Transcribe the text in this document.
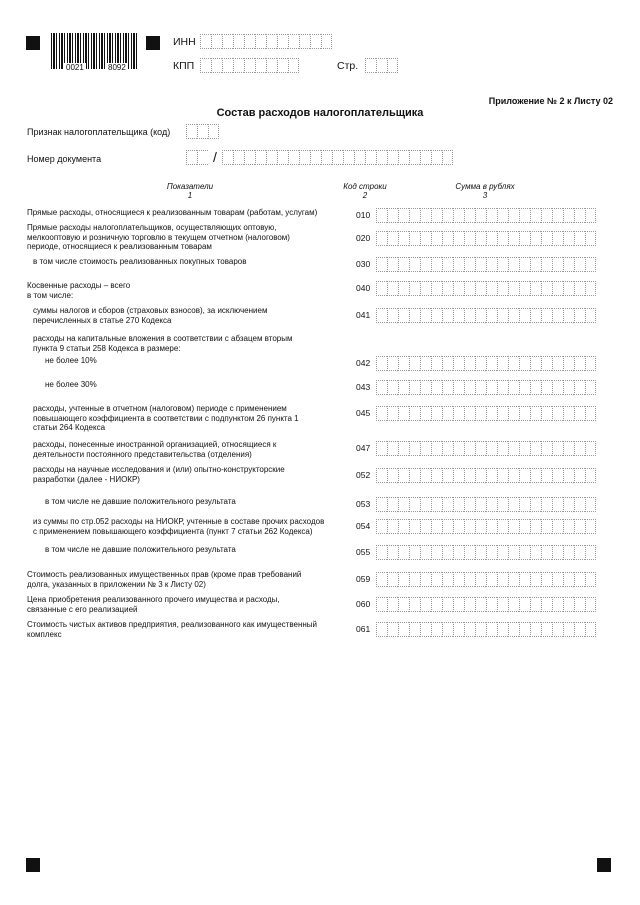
0021	8092
ИНН
КПП	Стр.
Приложение № 2 к Листу 02
Состав расходов налогоплательщика
Признак налогоплательщика (код)
Номер документа	/
Показатели
1
Код строки
2
Сумма в рублях
3
Прямые расходы, относящиеся к реализованным товарам (работам, услугам)	010
Прямые расходы налогоплательщиков, осуществляющих оптовую,
мелкооптовую и розничную торговлю в текущем отчетном (налоговом)
периоде, относящиеся к реализованным товарам
020
в том числе стоимость реализованных покупных товаров	030
Косвенные расходы – всего
в том числе:
040
суммы налогов и сборов (страховых взносов), за исключением
перечисленных в статье 270 Кодекса	041
расходы на капитальные вложения в соответствии с абзацем вторым
пункта 9 статьи 258 Кодекса в размере:
не более 10%	042
не более 30%	043
расходы, учтенные в отчетном (налоговом) периоде с применением
повышающего коэффициента в соответствии с подпунктом 26 пункта 1
статьи 264 Кодекса
045
расходы, понесенные иностранной организацией, относящиеся к
деятельности постоянного представительства (отделения)
047
расходы на научные исследования и (или) опытно-конструкторские
разработки (далее - НИОКР)	052
в том числе не давшие положительного результата	053
из суммы по стр.052 расходы на НИОКР, учтенные в составе прочих расходов
с применением повышающего коэффициента (пункт 7 статьи 262 Кодекса)	054
в том числе не давшие положительного результата	055
Стоимость реализованных имущественных прав (кроме прав требований
долга, указанных в приложении № 3 к Листу 02)	059
Цена приобретения реализованного прочего имущества и расходы,
связанные с его реализацией	060
Стоимость чистых активов предприятия, реализованного как имущественный
комплекс	061
